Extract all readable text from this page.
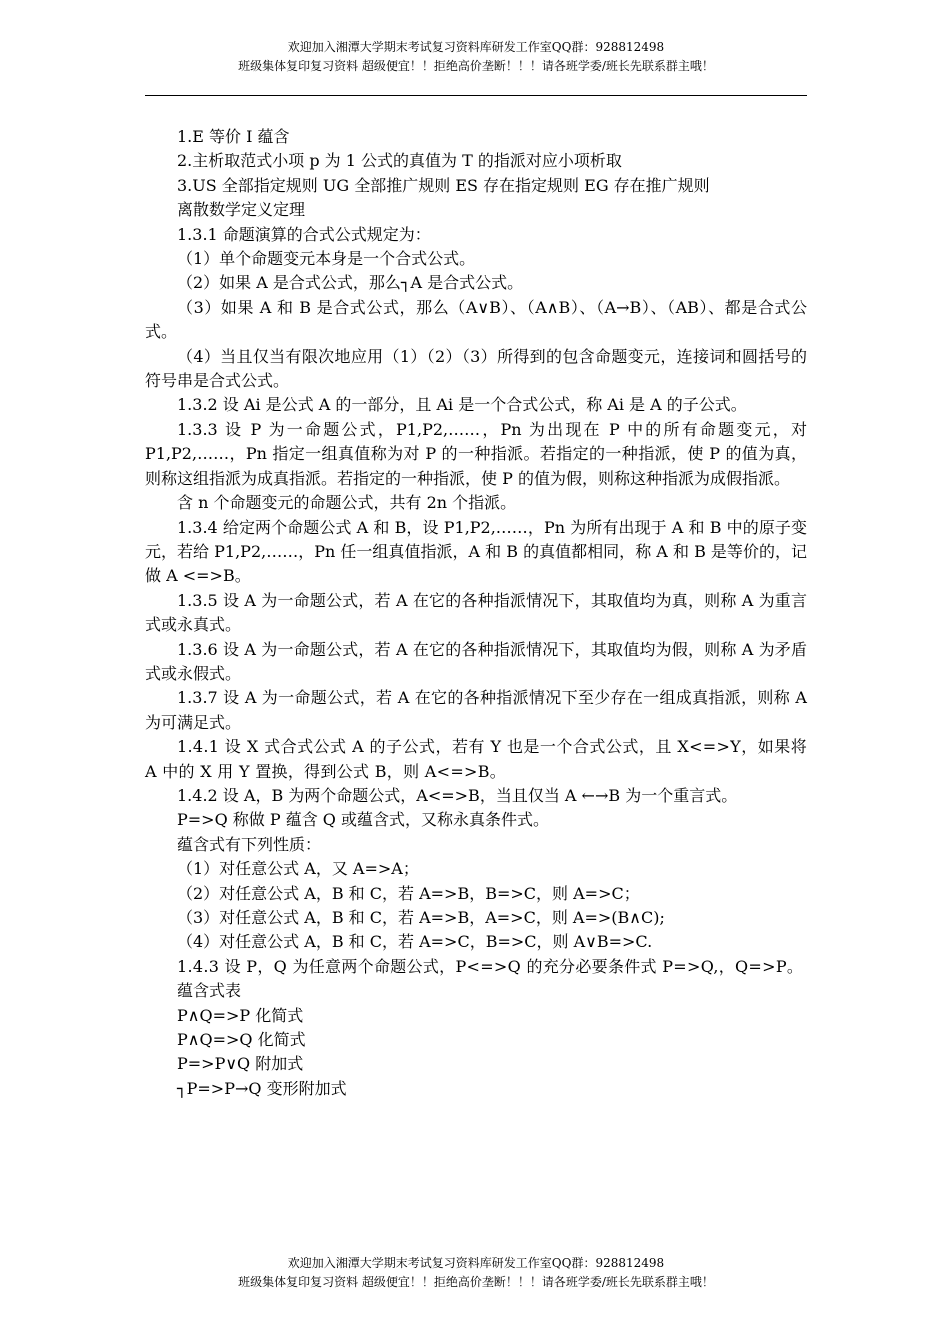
欢迎加入湘潭大学期末考试复习资料库研发工作室QQ群：928812498
班级集体复印复习资料 超级便宜！！拒绝高价垄断！！！请各班学委/班长先联系群主哦！

1.E 等价 I 蕴含

2.主析取范式小项 p 为 1 公式的真值为 T 的指派对应小项析取

3.US 全部指定规则 UG 全部推广规则 ES 存在指定规则 EG 存在推广规则

离散数学定义定理

1.3.1 命题演算的合式公式规定为：

（1）单个命题变元本身是一个合式公式。

（2）如果 A 是合式公式，那么┐A 是合式公式。

（3）如果 A 和 B 是合式公式，那么（A∨B）、（A∧B）、（A→B）、（AB）、都是合式公式。

（4）当且仅当有限次地应用（1）（2）（3）所得到的包含命题变元，连接词和圆括号的符号串是合式公式。

1.3.2 设 Ai 是公式 A 的一部分，且 Ai 是一个合式公式，称 Ai 是 A 的子公式。

1.3.3 设 P 为一命题公式，P1,P2,……，Pn 为出现在 P 中的所有命题变元，对 P1,P2,……，Pn 指定一组真值称为对 P 的一种指派。若指定的一种指派，使 P 的值为真，则称这组指派为成真指派。若指定的一种指派，使 P 的值为假，则称这种指派为成假指派。

含 n 个命题变元的命题公式，共有 2n 个指派。

1.3.4 给定两个命题公式 A 和 B，设 P1,P2,……，Pn 为所有出现于 A 和 B 中的原子变元，若给 P1,P2,……，Pn 任一组真值指派，A 和 B 的真值都相同，称 A 和 B 是等价的，记做 A <=>B。

1.3.5 设 A 为一命题公式，若 A 在它的各种指派情况下，其取值均为真，则称 A 为重言式或永真式。

1.3.6 设 A 为一命题公式，若 A 在它的各种指派情况下，其取值均为假，则称 A 为矛盾式或永假式。

1.3.7 设 A 为一命题公式，若 A 在它的各种指派情况下至少存在一组成真指派，则称 A 为可满足式。

1.4.1 设 X 式合式公式 A 的子公式，若有 Y 也是一个合式公式，且 X<=>Y，如果将 A 中的 X 用 Y 置换，得到公式 B，则 A<=>B。

1.4.2 设 A，B 为两个命题公式，A<=>B，当且仅当 A ←→B 为一个重言式。

P=>Q 称做 P 蕴含 Q 或蕴含式，又称永真条件式。

蕴含式有下列性质：

（1）对任意公式 A，又 A=>A；

（2）对任意公式 A，B 和 C，若 A=>B，B=>C，则 A=>C；

（3）对任意公式 A，B 和 C，若 A=>B，A=>C，则 A=>(B∧C);

（4）对任意公式 A，B 和 C，若 A=>C，B=>C，则 A∨B=>C.

1.4.3 设 P，Q 为任意两个命题公式，P<=>Q 的充分必要条件式 P=>Q,，Q=>P。

蕴含式表

P∧Q=>P 化简式

P∧Q=>Q 化简式

P=>P∨Q 附加式

┐P=>P→Q 变形附加式

欢迎加入湘潭大学期末考试复习资料库研发工作室QQ群：928812498
班级集体复印复习资料 超级便宜！！拒绝高价垄断！！！请各班学委/班长先联系群主哦！
